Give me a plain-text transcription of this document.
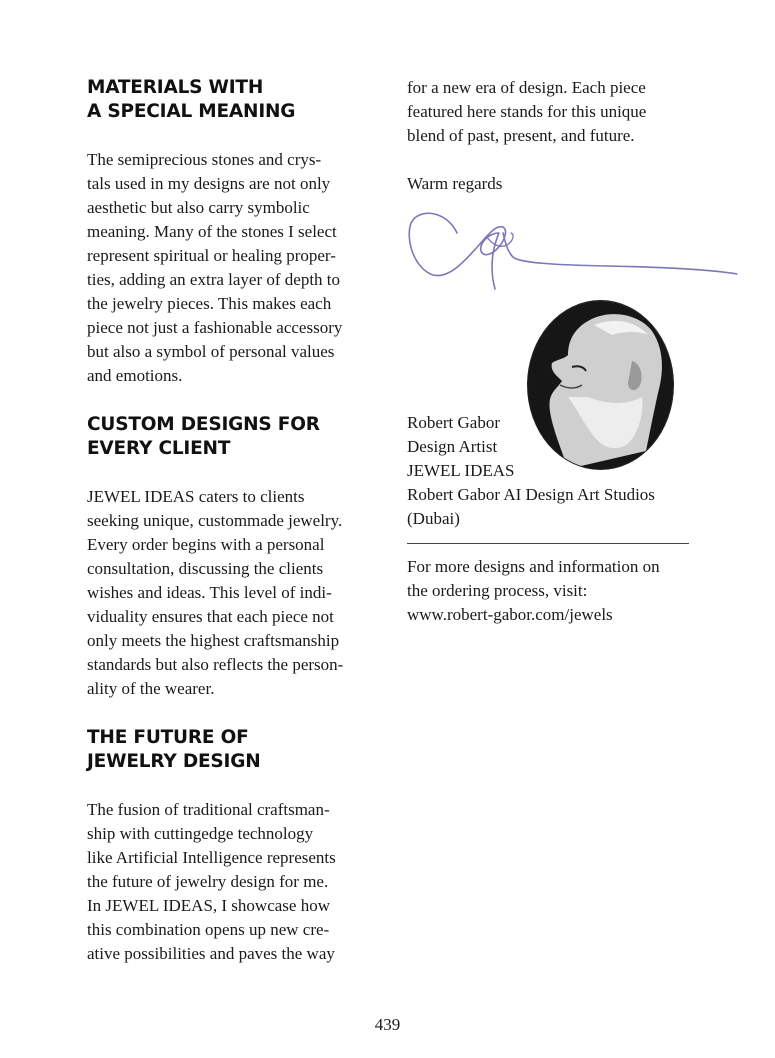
MATERIALS WITH
A SPECIAL MEANING

The semiprecious stones and crys-
tals used in my designs are not only
aesthetic but also carry symbolic
meaning. Many of the stones I select
represent spiritual or healing proper-
ties, adding an extra layer of depth to
the jewelry pieces. This makes each
piece not just a fashionable accessory
but also a symbol of personal values
and emotions.

CUSTOM DESIGNS FOR
EVERY CLIENT

JEWEL IDEAS caters to clients
seeking unique, custommade jewelry.
Every order begins with a personal
consultation, discussing the clients
wishes and ideas. This level of indi-
viduality ensures that each piece not
only meets the highest craftsmanship
standards but also reflects the person-
ality of the wearer.

THE FUTURE OF
JEWELRY DESIGN

The fusion of traditional craftsman-
ship with cuttingedge technology
like Artificial Intelligence represents
the future of jewelry design for me.
In JEWEL IDEAS, I showcase how
this combination opens up new cre-
ative possibilities and paves the way

for a new era of design. Each piece
featured here stands for this unique
blend of past, present, and future.

Warm regards

Robert Gabor
Design Artist
JEWEL IDEAS
Robert Gabor AI Design Art Studios
(Dubai)

For more designs and information on
the ordering process, visit:
www.robert-gabor.com/jewels

439
